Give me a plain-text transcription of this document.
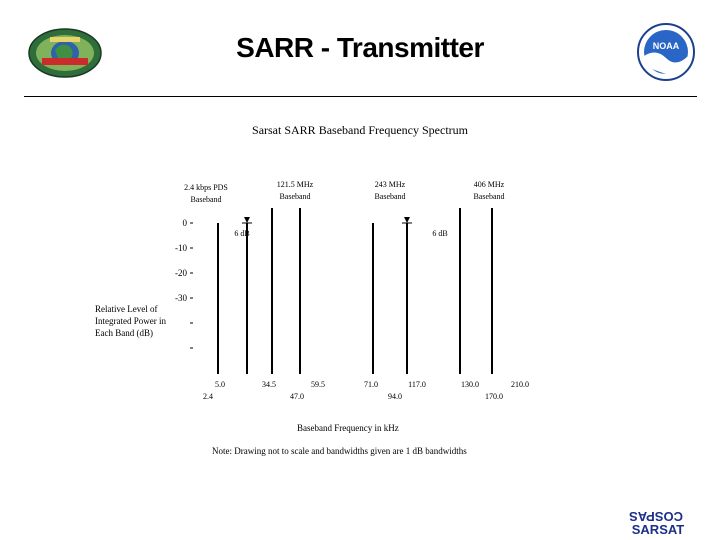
SARR - Transmitter	NOAA
COSPAS
SARSAT
Sarsat SARR Baseband Frequency Spectrum
Baseband Frequency in kHz
Note: Drawing not to scale and bandwidths given are 1 dB bandwidths
Relative Level of
Integrated Power in
Each Band (dB)
0
-10
-20
-30
2.4 kbps PDS
Baseband
121.5 MHz
Baseband
243 MHz
Baseband
406 MHz
Baseband
6 dB	6 dB
5.0
2.4
34.5	59.5
47.0
71.0	117.0
94.0
130.0	210.0
170.0
